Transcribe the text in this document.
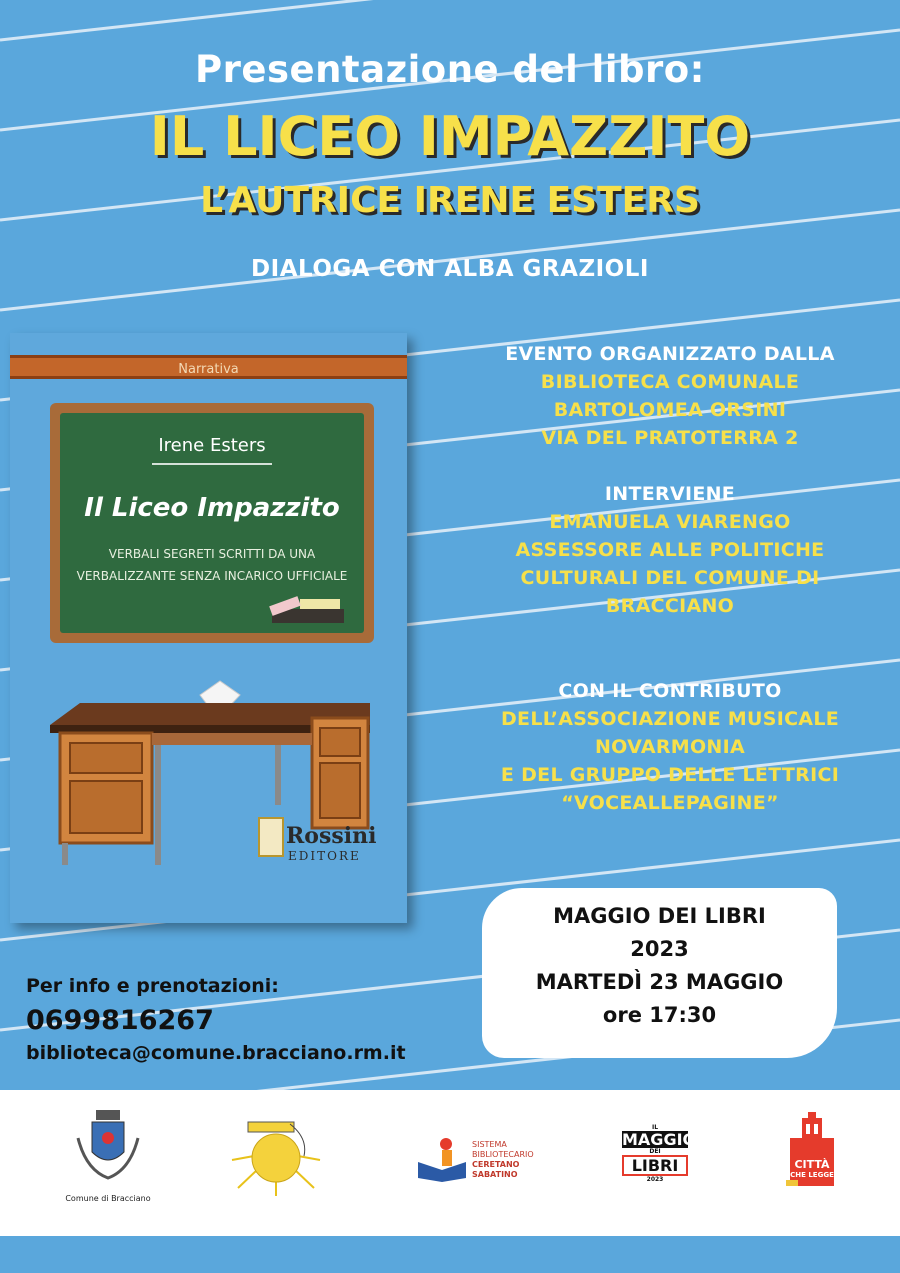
Presentazione del libro:
IL LICEO IMPAZZITO
L’AUTRICE IRENE ESTERS
DIALOGA CON ALBA GRAZIOLI
Narrativa
Irene Esters
Il Liceo Impazzito
VERBALI SEGRETI SCRITTI DA UNA
VERBALIZZANTE SENZA INCARICO UFFICIALE
Rossini
EDITORE
EVENTO ORGANIZZATO DALLA
BIBLIOTECA COMUNALE
BARTOLOMEA ORSINI
VIA DEL PRATOTERRA 2
INTERVIENE
EMANUELA VIARENGO
ASSESSORE ALLE POLITICHE
CULTURALI DEL COMUNE DI
BRACCIANO
CON IL CONTRIBUTO
DELL’ASSOCIAZIONE MUSICALE
NOVARMONIA
E DEL GRUPPO DELLE LETTRICI
“VOCEALLEPAGINE”
MAGGIO DEI LIBRI
2023
MARTEDÌ 23 MAGGIO
ore 17:30
Per info e prenotazioni:
0699816267
biblioteca@comune.bracciano.rm.it
Comune di Bracciano
SISTEMA
BIBLIOTECARIO
CERETANO
SABATINO
IL
MAGGIO
DEI
LIBRI
2023
CITTÀ
CHE LEGGE
